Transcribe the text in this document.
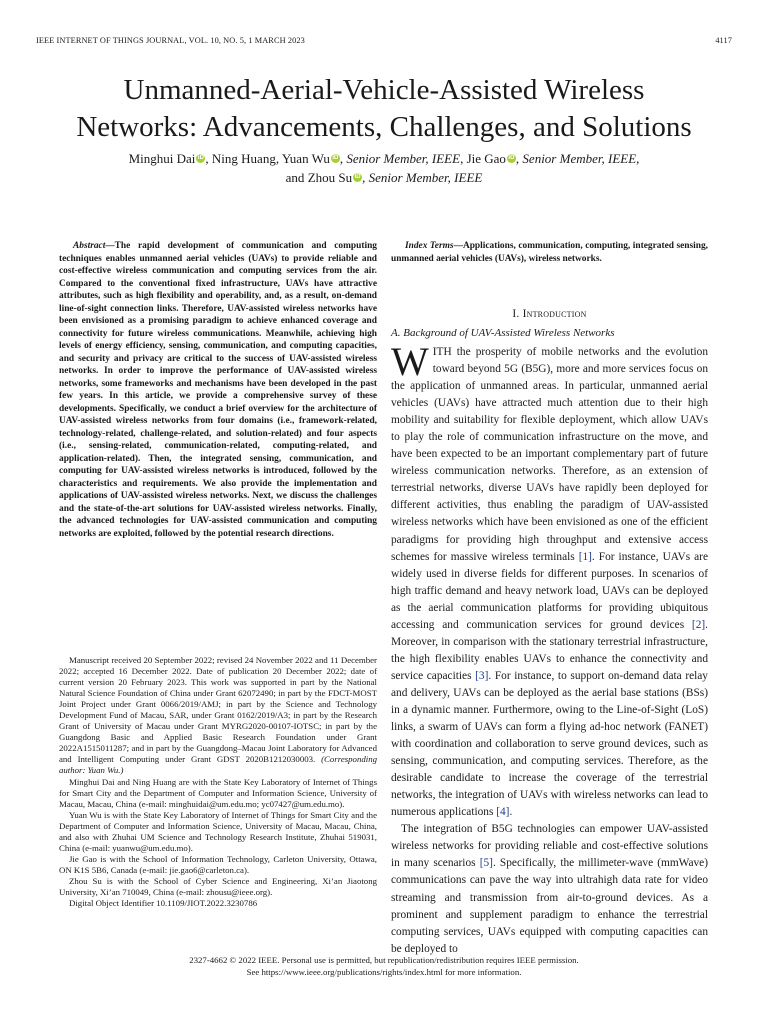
IEEE INTERNET OF THINGS JOURNAL, VOL. 10, NO. 5, 1 MARCH 2023	4117
Unmanned-Aerial-Vehicle-Assisted Wireless
Networks: Advancements, Challenges, and Solutions
Minghui Dai iD , Ning Huang, Yuan Wu iD , Senior Member, IEEE, Jie Gao iD , Senior Member, IEEE,
and Zhou Su iD , Senior Member, IEEE

Abstract—The rapid development of communication and computing techniques enables unmanned aerial vehicles (UAVs) to provide reliable and cost-effective wireless communication and computing services from the air. Compared to the conventional fixed infrastructure, UAVs have attractive attributes, such as high flexibility and operability, and, as a result, on-demand line-of-sight connection links. Therefore, UAV-assisted wireless networks have been envisioned as a promising paradigm to achieve enhanced coverage and connectivity for future wireless communications. Meanwhile, achieving high levels of energy efficiency, sensing, communication, and computing capacities, and security and privacy are critical to the success of UAV-assisted wireless networks. In order to improve the performance of UAV-assisted wireless networks, some frameworks and mechanisms have been developed in the past few years. In this article, we provide a comprehensive survey of these developments. Specifically, we conduct a brief overview for the architecture of UAV-assisted wireless networks from four domains (i.e., framework-related, technology-related, challenge-related, and solution-related) and four aspects (i.e., sensing-related, communication-related, computing-related, and application-related). Then, the integrated sensing, communication, and computing for UAV-assisted wireless networks is introduced, followed by the characteristics and requirements. We also provide the implementation and applications of UAV-assisted wireless networks. Next, we discuss the challenges and the state-of-the-art solutions for UAV-assisted wireless networks. Finally, the advanced technologies for UAV-assisted communication and computing networks are exploited, followed by the potential research directions.

Index Terms—Applications, communication, computing, integrated sensing, unmanned aerial vehicles (UAVs), wireless networks.

I. Introduction
A. Background of UAV-Assisted Wireless Networks

WITH the prosperity of mobile networks and the evolution toward beyond 5G (B5G), more and more services focus on the application of unmanned areas. In particular, unmanned aerial vehicles (UAVs) have attracted much attention due to their high mobility and suitability for flexible deployment, which allow UAVs to play the role of communication infrastructure on the move, and have been expected to be an important complementary part of future wireless communication networks. Therefore, as an extension of terrestrial networks, diverse UAVs have rapidly been deployed for different activities, thus enabling the paradigm of UAV-assisted wireless networks which have been envisioned as one of the efficient paradigms for providing high throughput and extensive access schemes for massive wireless terminals [1]. For instance, UAVs are widely used in diverse fields for different purposes. In scenarios of high traffic demand and heavy network load, UAVs can be deployed as the aerial communication platforms for providing ubiquitous accessing and communication services for ground devices [2]. Moreover, in comparison with the stationary terrestrial infrastructure, the high flexibility enables UAVs to enhance the connectivity and service capacities [3]. For instance, to support on-demand data relay and delivery, UAVs can be deployed as the aerial base stations (BSs) in a dynamic manner. Furthermore, owing to the Line-of-Sight (LoS) links, a swarm of UAVs can form a flying ad-hoc network (FANET) with coordination and collaboration to serve ground devices, such as sensing, communication, and computing services. Therefore, as the desirable candidate to increase the coverage of the terrestrial networks, the integration of UAVs with wireless networks can lead to numerous applications [4].

The integration of B5G technologies can empower UAV-assisted wireless networks for providing reliable and cost-effective solutions in many scenarios [5]. Specifically, the millimeter-wave (mmWave) communications can pave the way into ultrahigh data rate for video streaming and transmission from air-to-ground devices. As a prominent and supplement paradigm to enhance the terrestrial computing services, UAVs equipped with computing capacities can be deployed to

Manuscript received 20 September 2022; revised 24 November 2022 and 11 December 2022; accepted 16 December 2022. Date of publication 20 December 2022; date of current version 20 February 2023. This work was supported in part by the National Natural Science Foundation of China under Grant 62072490; in part by the FDCT-MOST Joint Project under Grant 0066/2019/AMJ; in part by the Science and Technology Development Fund of Macau, SAR, under Grant 0162/2019/A3; in part by the Research Grant of University of Macau under Grant MYRG2020-00107-IOTSC; in part by the Guangdong Basic and Applied Basic Research Foundation under Grant 2022A1515011287; and in part by the Guangdong–Macau Joint Laboratory for Advanced and Intelligent Computing under Grant GDST 2020B1212030003. (Corresponding author: Yuan Wu.)

Minghui Dai and Ning Huang are with the State Key Laboratory of Internet of Things for Smart City and the Department of Computer and Information Science, University of Macau, Macau, China (e-mail: minghuidai@um.edu.mo; yc07427@um.edu.mo).

Yuan Wu is with the State Key Laboratory of Internet of Things for Smart City and the Department of Computer and Information Science, University of Macau, Macau, China, and also with Zhuhai UM Science and Technology Research Institute, Zhuhai 519031, China (e-mail: yuanwu@um.edu.mo).

Jie Gao is with the School of Information Technology, Carleton University, Ottawa, ON K1S 5B6, Canada (e-mail: jie.gao6@carleton.ca).

Zhou Su is with the School of Cyber Science and Engineering, Xi’an Jiaotong University, Xi’an 710049, China (e-mail: zhousu@ieee.org).

Digital Object Identifier 10.1109/JIOT.2022.3230786

2327-4662 © 2022 IEEE. Personal use is permitted, but republication/redistribution requires IEEE permission.
See https://www.ieee.org/publications/rights/index.html for more information.
